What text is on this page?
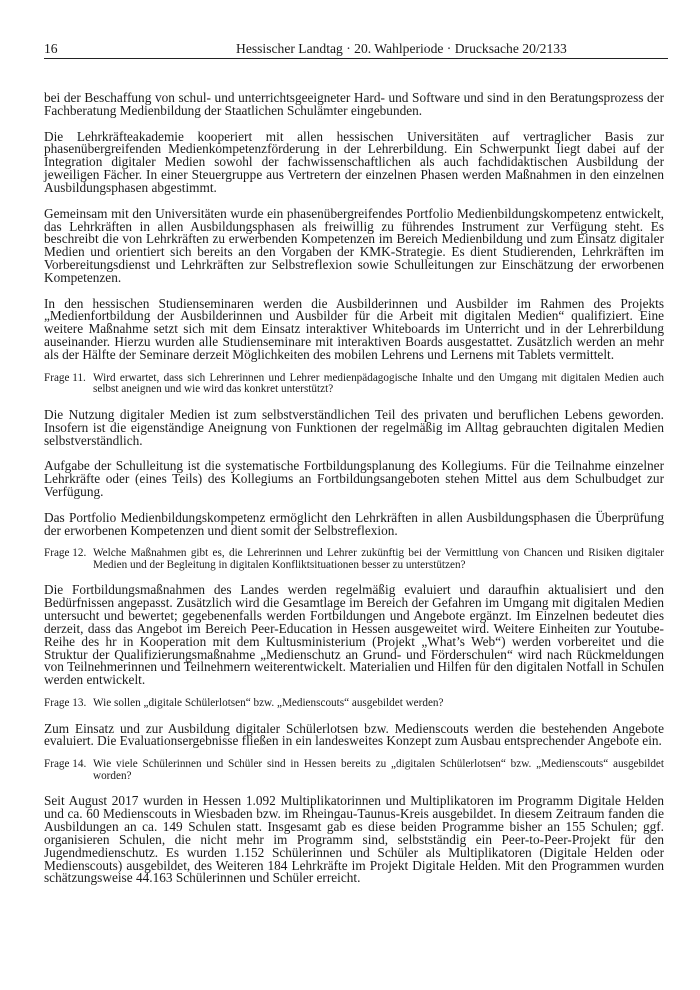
16	Hessischer Landtag · 20. Wahlperiode · Drucksache 20/2133

bei der Beschaffung von schul- und unterrichtsgeeigneter Hard- und Software und sind in den Beratungsprozess der Fachberatung Medienbildung der Staatlichen Schulämter eingebunden.

Die Lehrkräfteakademie kooperiert mit allen hessischen Universitäten auf vertraglicher Basis zur phasenübergreifenden Medienkompetenzförderung in der Lehrerbildung. Ein Schwerpunkt liegt dabei auf der Integration digitaler Medien sowohl der fachwissenschaftlichen als auch fachdidaktischen Ausbildung der jeweiligen Fächer. In einer Steuergruppe aus Vertretern der einzelnen Phasen werden Maßnahmen in den einzelnen Ausbildungsphasen abgestimmt.

Gemeinsam mit den Universitäten wurde ein phasenübergreifendes Portfolio Medienbildungskompetenz entwickelt, das Lehrkräften in allen Ausbildungsphasen als freiwillig zu führendes Instrument zur Verfügung steht. Es beschreibt die von Lehrkräften zu erwerbenden Kompetenzen im Bereich Medienbildung und zum Einsatz digitaler Medien und orientiert sich bereits an den Vorgaben der KMK-Strategie. Es dient Studierenden, Lehrkräften im Vorbereitungsdienst und Lehrkräften zur Selbstreflexion sowie Schulleitungen zur Einschätzung der erworbenen Kompetenzen.

In den hessischen Studienseminaren werden die Ausbilderinnen und Ausbilder im Rahmen des Projekts „Medienfortbildung der Ausbilderinnen und Ausbilder für die Arbeit mit digitalen Medien“ qualifiziert. Eine weitere Maßnahme setzt sich mit dem Einsatz interaktiver Whiteboards im Unterricht und in der Lehrerbildung auseinander. Hierzu wurden alle Studienseminare mit interaktiven Boards ausgestattet. Zusätzlich werden an mehr als der Hälfte der Seminare derzeit Möglichkeiten des mobilen Lehrens und Lernens mit Tablets vermittelt.

Frage 11. Wird erwartet, dass sich Lehrerinnen und Lehrer medienpädagogische Inhalte und den Umgang mit digitalen Medien auch selbst aneignen und wie wird das konkret unterstützt?

Die Nutzung digitaler Medien ist zum selbstverständlichen Teil des privaten und beruflichen Lebens geworden. Insofern ist die eigenständige Aneignung von Funktionen der regelmäßig im Alltag gebrauchten digitalen Medien selbstverständlich.

Aufgabe der Schulleitung ist die systematische Fortbildungsplanung des Kollegiums. Für die Teilnahme einzelner Lehrkräfte oder (eines Teils) des Kollegiums an Fortbildungsangeboten stehen Mittel aus dem Schulbudget zur Verfügung.

Das Portfolio Medienbildungskompetenz ermöglicht den Lehrkräften in allen Ausbildungsphasen die Überprüfung der erworbenen Kompetenzen und dient somit der Selbstreflexion.

Frage 12. Welche Maßnahmen gibt es, die Lehrerinnen und Lehrer zukünftig bei der Vermittlung von Chancen und Risiken digitaler Medien und der Begleitung in digitalen Konfliktsituationen besser zu unterstützen?

Die Fortbildungsmaßnahmen des Landes werden regelmäßig evaluiert und daraufhin aktualisiert und den Bedürfnissen angepasst. Zusätzlich wird die Gesamtlage im Bereich der Gefahren im Umgang mit digitalen Medien untersucht und bewertet; gegebenenfalls werden Fortbildungen und Angebote ergänzt. Im Einzelnen bedeutet dies derzeit, dass das Angebot im Bereich Peer-Education in Hessen ausgeweitet wird. Weitere Einheiten zur Youtube-Reihe des hr in Kooperation mit dem Kultusministerium (Projekt „What’s Web“) werden vorbereitet und die Struktur der Qualifizierungsmaßnahme „Medienschutz an Grund- und Förderschulen“ wird nach Rückmeldungen von Teilnehmerinnen und Teilnehmern weiterentwickelt. Materialien und Hilfen für den digitalen Notfall in Schulen werden entwickelt.

Frage 13. Wie sollen „digitale Schülerlotsen“ bzw. „Medienscouts“ ausgebildet werden?

Zum Einsatz und zur Ausbildung digitaler Schülerlotsen bzw. Medienscouts werden die bestehenden Angebote evaluiert. Die Evaluationsergebnisse fließen in ein landesweites Konzept zum Ausbau entsprechender Angebote ein.

Frage 14. Wie viele Schülerinnen und Schüler sind in Hessen bereits zu „digitalen Schülerlotsen“ bzw. „Medienscouts“ ausgebildet worden?

Seit August 2017 wurden in Hessen 1.092 Multiplikatorinnen und Multiplikatoren im Programm Digitale Helden und ca. 60 Medienscouts in Wiesbaden bzw. im Rheingau-Taunus-Kreis ausgebildet. In diesem Zeitraum fanden die Ausbildungen an ca. 149 Schulen statt. Insgesamt gab es diese beiden Programme bisher an 155 Schulen; ggf. organisieren Schulen, die nicht mehr im Programm sind, selbstständig ein Peer-to-Peer-Projekt für den Jugendmedienschutz. Es wurden 1.152 Schülerinnen und Schüler als Multiplikatoren (Digitale Helden oder Medienscouts) ausgebildet, des Weiteren 184 Lehrkräfte im Projekt Digitale Helden. Mit den Programmen wurden schätzungsweise 44.163 Schülerinnen und Schüler erreicht.
